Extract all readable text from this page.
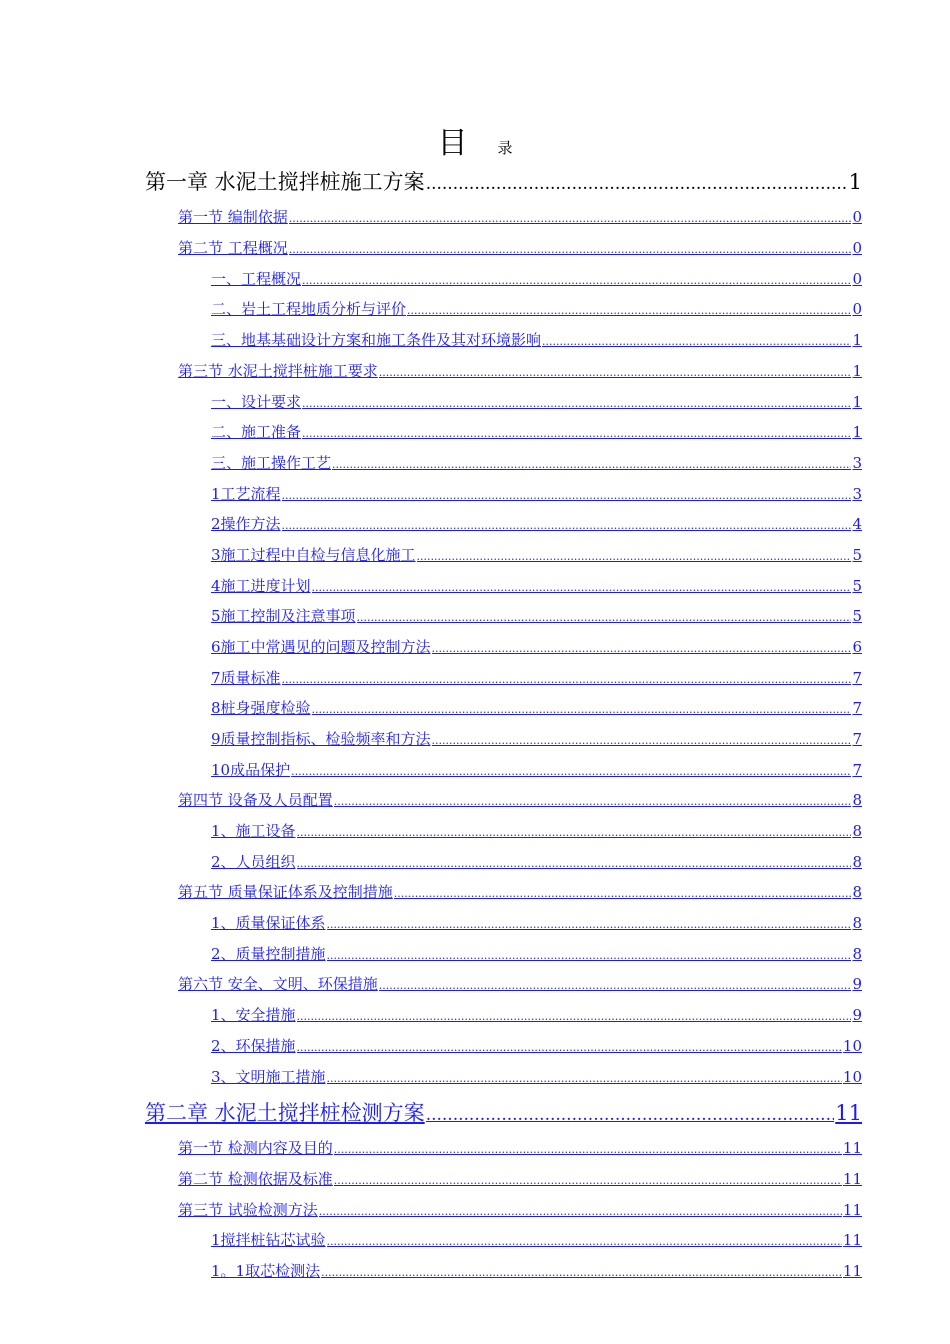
目 录
第一章 水泥土搅拌桩施工方案 .....	1
第一节 编制依据 .....	0
第二节 工程概况 .....	0
一、工程概况 .....	0
二、岩土工程地质分析与评价 .....	0
三、地基基础设计方案和施工条件及其对环境影响 .....	1
第三节 水泥土搅拌桩施工要求 .....	1
一、设计要求 .....	1
二、施工准备 .....	1
三、施工操作工艺 .....	3
1工艺流程 .....	3
2操作方法 .....	4
3施工过程中自检与信息化施工 .....	5
4施工进度计划 .....	5
5施工控制及注意事项 .....	5
6施工中常遇见的问题及控制方法 .....	6
7质量标准 .....	7
8桩身强度检验 .....	7
9质量控制指标、检验频率和方法 .....	7
10成品保护 .....	7
第四节 设备及人员配置 .....	8
1、施工设备 .....	8
2、人员组织 .....	8
第五节 质量保证体系及控制措施 .....	8
1、质量保证体系 .....	8
2、质量控制措施 .....	8
第六节 安全、文明、环保措施 .....	9
1、安全措施 .....	9
2、环保措施 .....	10
3、文明施工措施 .....	10
第二章 水泥土搅拌桩检测方案 .....	11
第一节 检测内容及目的 .....	11
第二节 检测依据及标准 .....	11
第三节 试验检测方法 .....	11
1搅拌桩钻芯试验 .....	11
1。1取芯检测法 .....	11
